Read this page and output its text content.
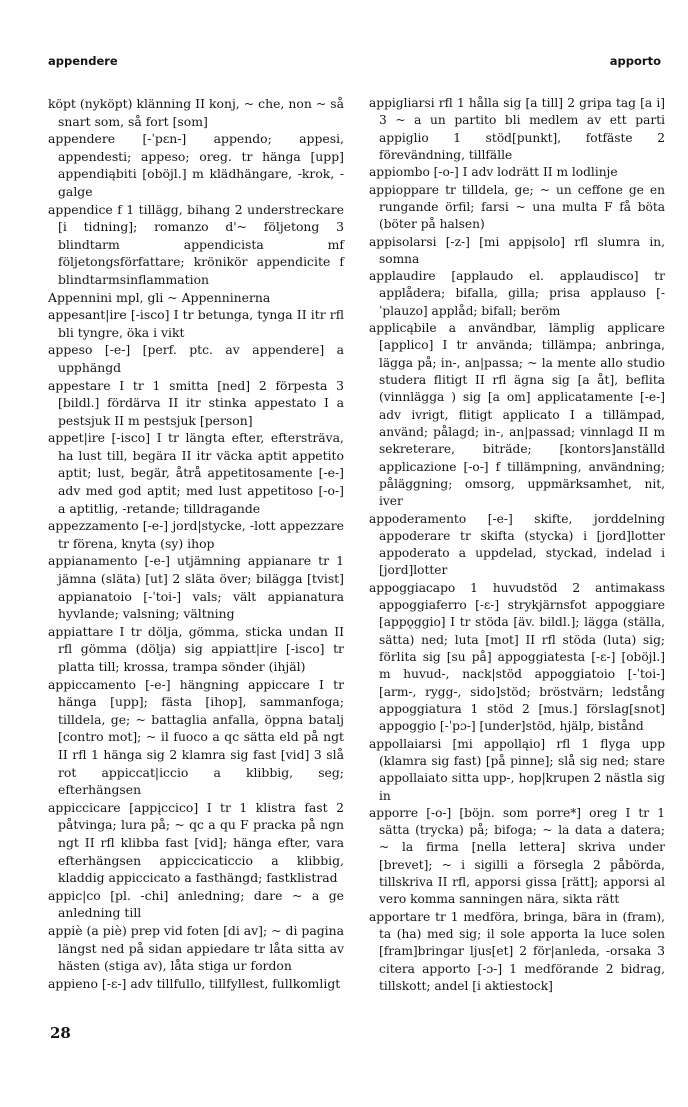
appendere	apporto

köpt (nyköpt) klänning II konj, ~ che, non ~ så snart som, så fort [som]

appendere [-ˈpɛn-] appendo; appesi, appendesti; appeso; oreg. tr hänga [upp] appendiąbiti [oböjl.] m klädhängare, -krok, -galge

appendice f 1 tillägg, bihang 2 understreckare [i tidning]; romanzo d'~ följetong 3 blindtarm appendicista mf följetongsförfattare; krönikör appendicite f blindtarmsinflammation

Appennini mpl, gli ~ Appenninerna

appesant|ire [-isco] I tr betunga, tynga II itr rfl bli tyngre, öka i vikt

appeso [-e-] [perf. ptc. av appendere] a upphängd

appestare I tr 1 smitta [ned] 2 förpesta 3 [bildl.] fördärva II itr stinka appestato I a pestsjuk II m pestsjuk [person]

appet|ire [-isco] I tr längta efter, eftersträva, ha lust till, begära II itr väcka aptit appetito aptit; lust, begär, åtrå appetitosamente [-e-] adv med god aptit; med lust appetitoso [-o-] a aptitlig, -retande; tilldragande

appezzamento [-e-] jord|stycke, -lott appezzare tr förena, knyta (sy) ihop

appianamento [-e-] utjämning appianare tr 1 jämna (släta) [ut] 2 släta över; bilägga [tvist] appianatoio [-ˈtoi-] vals; vält appianatura hyvlande; valsning; vältning

appiattare I tr dölja, gömma, sticka undan II rfl gömma (dölja) sig appiatt|ire [-isco] tr platta till; krossa, trampa sönder (ihjäl)

appiccamento [-e-] hängning appiccare I tr hänga [upp]; fästa [ihop], sammanfoga; tilldela, ge; ~ battaglia anfalla, öppna batalj [contro mot]; ~ il fuoco a qc sätta eld på ngt II rfl 1 hänga sig 2 klamra sig fast [vid] 3 slå rot appiccat|iccio a klibbig, seg; efterhängsen

appiccicare [appįccico] I tr 1 klistra fast 2 påtvinga; lura på; ~ qc a qu F pracka på ngn ngt II rfl klibba fast [vid]; hänga efter, vara efterhängsen appiccicaticcio a klibbig, kladdig appiccicato a fasthängd; fastklistrad

appic|co [pl. -chi] anledning; dare ~ a ge anledning till

appiè (a piè) prep vid foten [di av]; ~ di pagina längst ned på sidan appiedare tr låta sitta av hästen (stiga av), låta stiga ur fordon

appieno [-ɛ-] adv tillfullo, tillfyllest, fullkomligt

appigliarsi rfl 1 hålla sig [a till] 2 gripa tag [a i] 3 ~ a un partito bli medlem av ett parti appiglio 1 stöd[punkt], fotfäste 2 förevändning, tillfälle

appiombo [-o-] I adv lodrätt II m lodlinje

appioppare tr tilldela, ge; ~ un ceffone ge en rungande örfil; farsi ~ una multa F få böta (böter på halsen)

appisolarsi [-z-] [mi appįsolo] rfl slumra in, somna

applaudire [applaudo el. applaudisco] tr applådera; bifalla, gilla; prisa applauso [-ˈplauzo] applåd; bifall; beröm

applicąbile a användbar, lämplig applicare [applico] I tr använda; tillämpa; anbringa, lägga på; in-, an|passa; ~ la mente allo studio studera flitigt II rfl ägna sig [a åt], beflita (vinnlägga ) sig [a om] applicatamente [-e-] adv ivrigt, flitigt applicato I a tillämpad, använd; pålagd; in-, an|passad; vinnlagd II m sekreterare, biträde; [kontors]anställd applicazione [-o-] f tillämpning, användning; påläggning; omsorg, uppmärksamhet, nit, iver

appoderamento [-e-] skifte, jorddelning appoderare tr skifta (stycka) i [jord]lotter appoderato a uppdelad, styckad, indelad i [jord]lotter

appoggiacapo 1 huvudstöd 2 antimakass appoggiaferro [-ɛ-] strykjärnsfot appoggiare [appǫggio] I tr stöda [äv. bildl.]; lägga (ställa, sätta) ned; luta [mot] II rfl stöda (luta) sig; förlita sig [su på] appoggiatesta [-ɛ-] [oböjl.] m huvud-, nack|stöd appoggiatoio [-ˈtoi-] [arm-, rygg-, sido]stöd; bröstvärn; ledstång appoggiatura 1 stöd 2 [mus.] förslag[snot] appoggio [-ˈpɔ-] [under]stöd, hjälp, bistånd

appollaiarsi [mi appolląio] rfl 1 flyga upp (klamra sig fast) [på pinne]; slå sig ned; stare appollaiato sitta upp-, hop|krupen 2 nästla sig in

apporre [-o-] [böjn. som porre*] oreg I tr 1 sätta (trycka) på; bifoga; ~ la data a datera; ~ la firma [nella lettera] skriva under [brevet]; ~ i sigilli a försegla 2 påbörda, tillskriva II rfl, apporsi gissa [rätt]; apporsi al vero komma sanningen nära, sikta rätt

apportare tr 1 medföra, bringa, bära in (fram), ta (ha) med sig; il sole apporta la luce solen [fram]bringar ljus[et] 2 för|anleda, -orsaka 3 citera apporto [-ɔ-] 1 medförande 2 bidrag, tillskott; andel [i aktiestock]

28
